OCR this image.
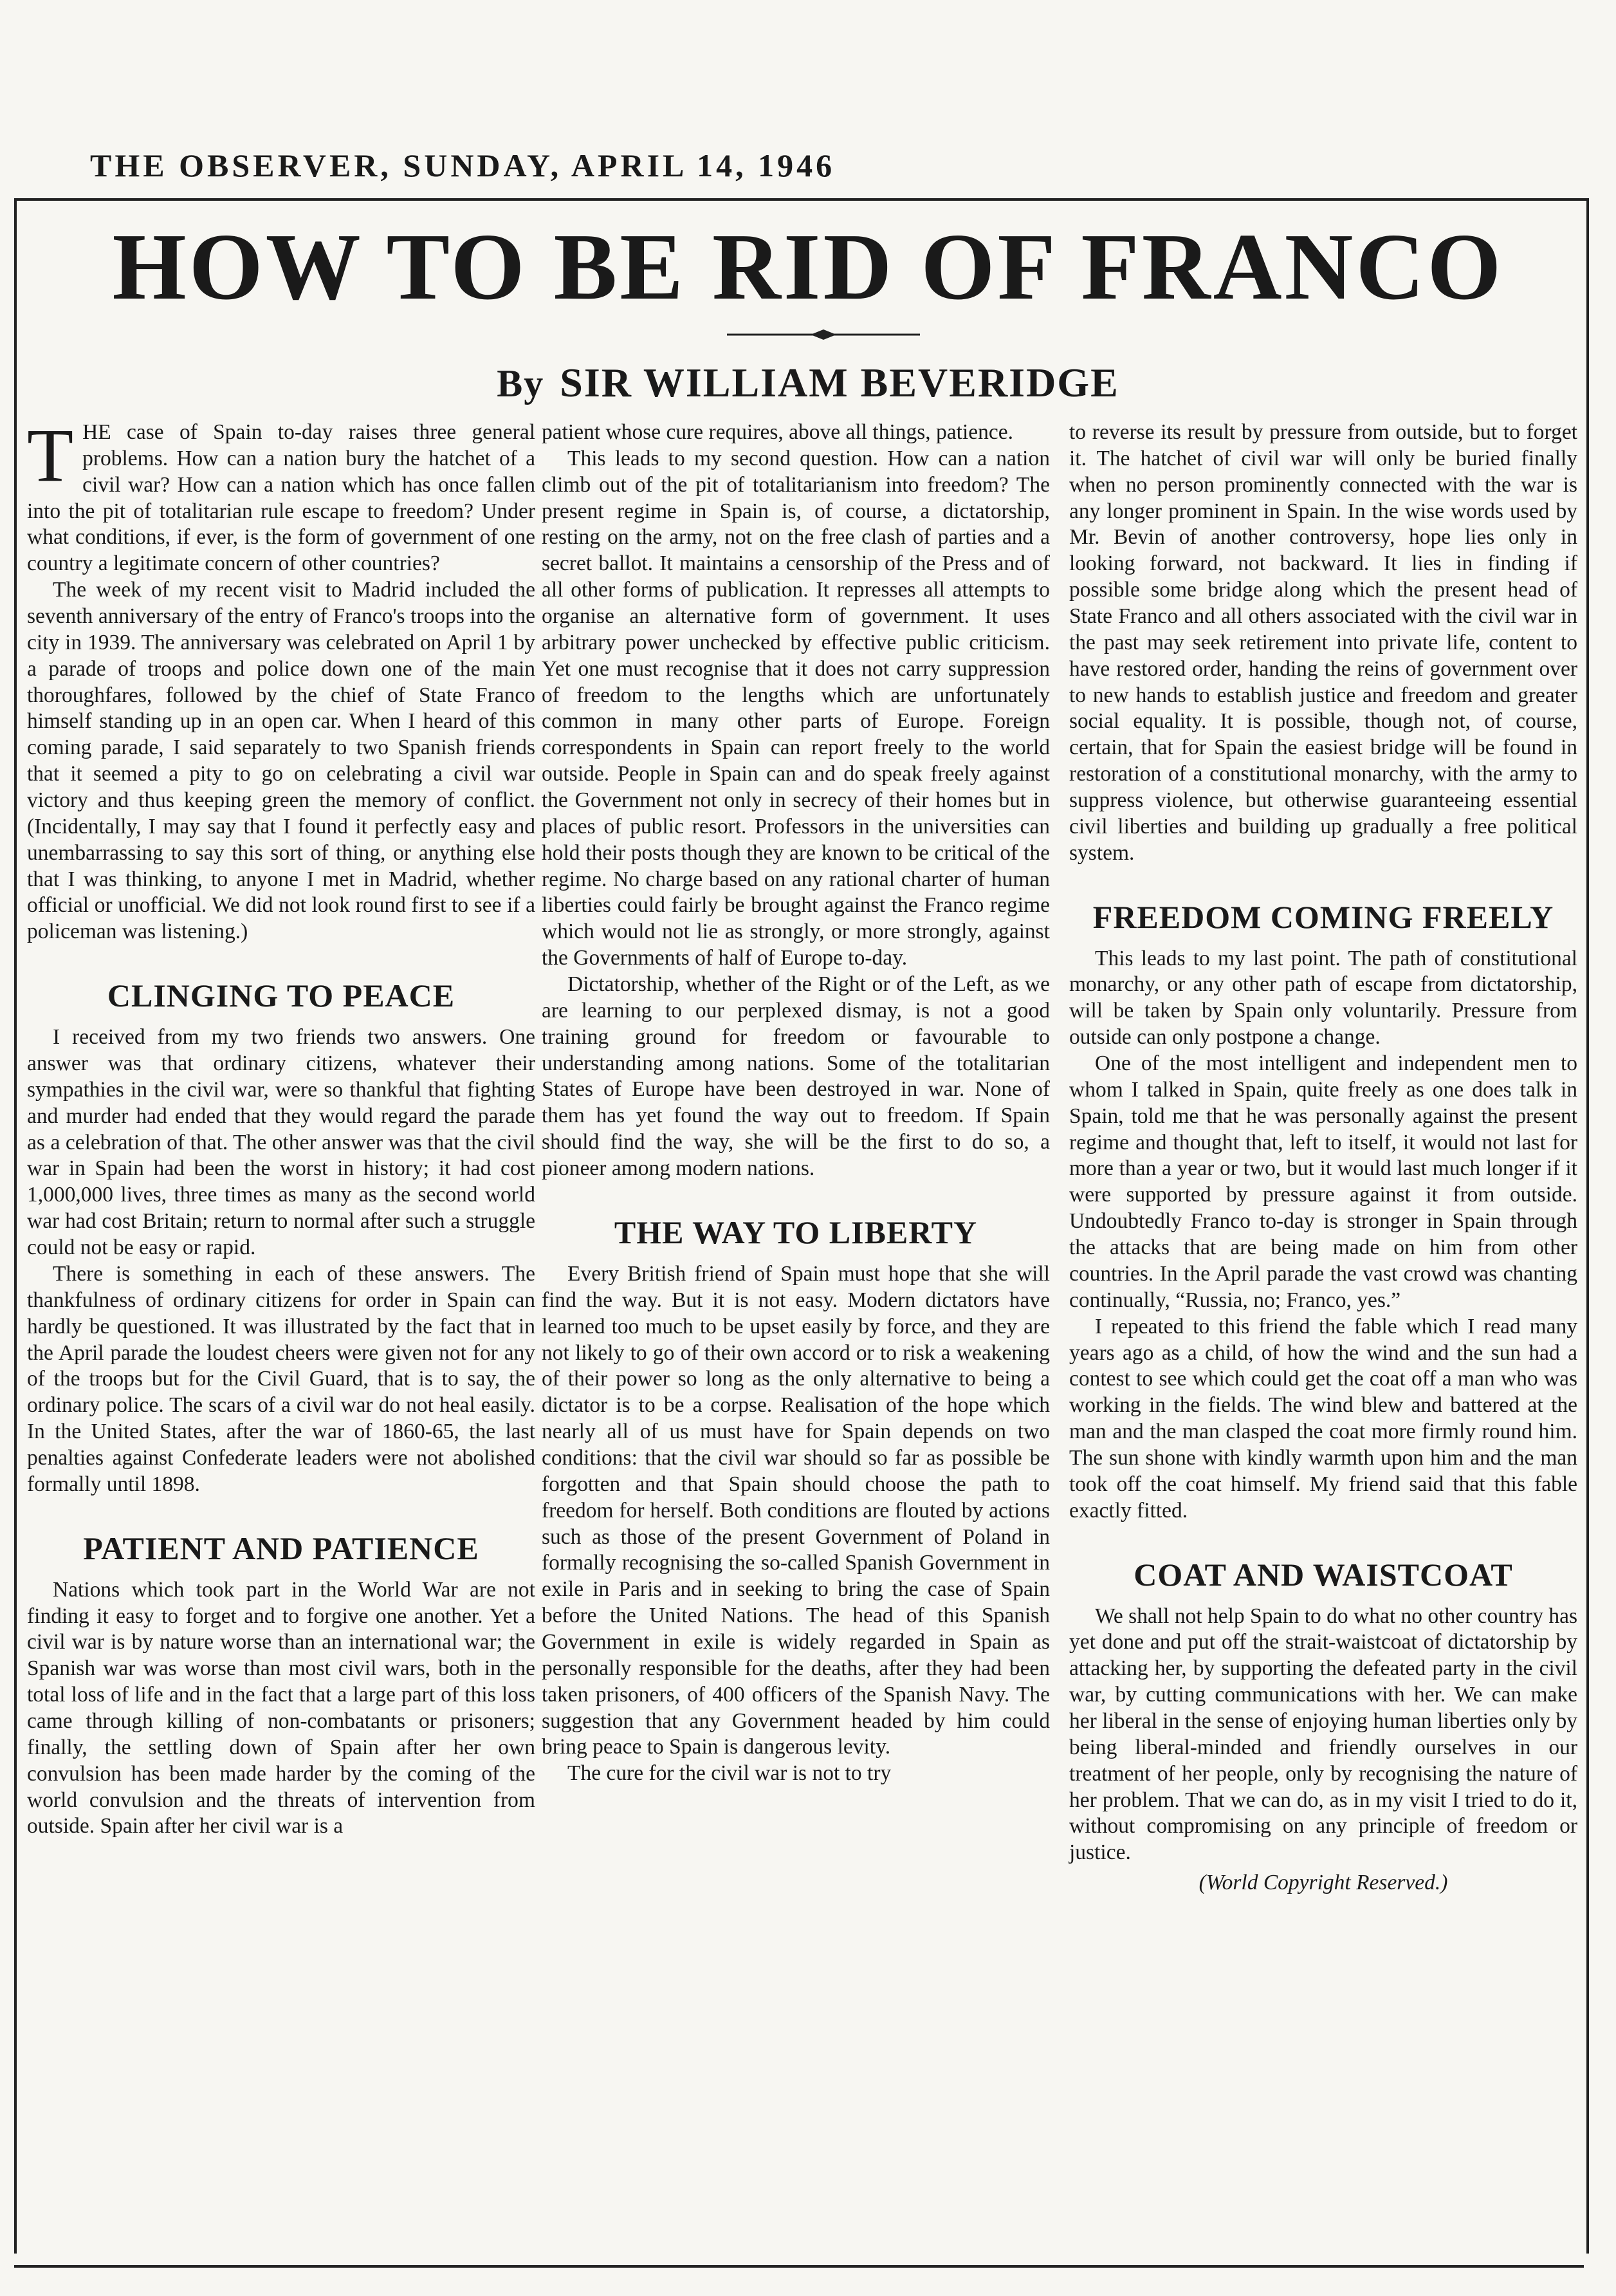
THE OBSERVER, SUNDAY, APRIL 14, 1946
HOW TO BE RID OF FRANCO
By SIR WILLIAM BEVERIDGE

THE case of Spain to-day raises three general problems. How can a nation bury the hatchet of a civil war? How can a nation which has once fallen into the pit of totalitarian rule escape to freedom? Under what conditions, if ever, is the form of government of one country a legitimate concern of other countries?

The week of my recent visit to Madrid included the seventh anniversary of the entry of Franco's troops into the city in 1939. The anniversary was celebrated on April 1 by a parade of troops and police down one of the main thoroughfares, followed by the chief of State Franco himself standing up in an open car. When I heard of this coming parade, I said separately to two Spanish friends that it seemed a pity to go on celebrating a civil war victory and thus keeping green the memory of conflict. (Incidentally, I may say that I found it perfectly easy and unembarrassing to say this sort of thing, or anything else that I was thinking, to anyone I met in Madrid, whether official or unofficial. We did not look round first to see if a policeman was listening.)

CLINGING TO PEACE

I received from my two friends two answers. One answer was that ordinary citizens, whatever their sympathies in the civil war, were so thankful that fighting and murder had ended that they would regard the parade as a celebration of that. The other answer was that the civil war in Spain had been the worst in history; it had cost 1,000,000 lives, three times as many as the second world war had cost Britain; return to normal after such a struggle could not be easy or rapid.

There is something in each of these answers. The thankfulness of ordinary citizens for order in Spain can hardly be questioned. It was illustrated by the fact that in the April parade the loudest cheers were given not for any of the troops but for the Civil Guard, that is to say, the ordinary police. The scars of a civil war do not heal easily. In the United States, after the war of 1860-65, the last penalties against Confederate leaders were not abolished formally until 1898.

PATIENT AND PATIENCE

Nations which took part in the World War are not finding it easy to forget and to forgive one another. Yet a civil war is by nature worse than an international war; the Spanish war was worse than most civil wars, both in the total loss of life and in the fact that a large part of this loss came through killing of non-combatants or prisoners; finally, the settling down of Spain after her own convulsion has been made harder by the coming of the world convulsion and the threats of intervention from outside. Spain after her civil war is a

patient whose cure requires, above all things, patience.

This leads to my second question. How can a nation climb out of the pit of totalitarianism into freedom? The present regime in Spain is, of course, a dictatorship, resting on the army, not on the free clash of parties and a secret ballot. It maintains a censorship of the Press and of all other forms of publication. It represses all attempts to organise an alternative form of government. It uses arbitrary power unchecked by effective public criticism. Yet one must recognise that it does not carry suppression of freedom to the lengths which are unfortunately common in many other parts of Europe. Foreign correspondents in Spain can report freely to the world outside. People in Spain can and do speak freely against the Government not only in secrecy of their homes but in places of public resort. Professors in the universities can hold their posts though they are known to be critical of the regime. No charge based on any rational charter of human liberties could fairly be brought against the Franco regime which would not lie as strongly, or more strongly, against the Governments of half of Europe to-day.

Dictatorship, whether of the Right or of the Left, as we are learning to our perplexed dismay, is not a good training ground for freedom or favourable to understanding among nations. Some of the totalitarian States of Europe have been destroyed in war. None of them has yet found the way out to freedom. If Spain should find the way, she will be the first to do so, a pioneer among modern nations.

THE WAY TO LIBERTY

Every British friend of Spain must hope that she will find the way. But it is not easy. Modern dictators have learned too much to be upset easily by force, and they are not likely to go of their own accord or to risk a weakening of their power so long as the only alternative to being a dictator is to be a corpse. Realisation of the hope which nearly all of us must have for Spain depends on two conditions: that the civil war should so far as possible be forgotten and that Spain should choose the path to freedom for herself. Both conditions are flouted by actions such as those of the present Government of Poland in formally recognising the so-called Spanish Government in exile in Paris and in seeking to bring the case of Spain before the United Nations. The head of this Spanish Government in exile is widely regarded in Spain as personally responsible for the deaths, after they had been taken prisoners, of 400 officers of the Spanish Navy. The suggestion that any Government headed by him could bring peace to Spain is dangerous levity.

The cure for the civil war is not to try

to reverse its result by pressure from outside, but to forget it. The hatchet of civil war will only be buried finally when no person prominently connected with the war is any longer prominent in Spain. In the wise words used by Mr. Bevin of another controversy, hope lies only in looking forward, not backward. It lies in finding if possible some bridge along which the present head of State Franco and all others associated with the civil war in the past may seek retirement into private life, content to have restored order, handing the reins of government over to new hands to establish justice and freedom and greater social equality. It is possible, though not, of course, certain, that for Spain the easiest bridge will be found in restoration of a constitutional monarchy, with the army to suppress violence, but otherwise guaranteeing essential civil liberties and building up gradually a free political system.

FREEDOM COMING FREELY

This leads to my last point. The path of constitutional monarchy, or any other path of escape from dictatorship, will be taken by Spain only voluntarily. Pressure from outside can only postpone a change.

One of the most intelligent and independent men to whom I talked in Spain, quite freely as one does talk in Spain, told me that he was personally against the present regime and thought that, left to itself, it would not last for more than a year or two, but it would last much longer if it were supported by pressure against it from outside. Undoubtedly Franco to-day is stronger in Spain through the attacks that are being made on him from other countries. In the April parade the vast crowd was chanting continually, “Russia, no; Franco, yes.”

I repeated to this friend the fable which I read many years ago as a child, of how the wind and the sun had a contest to see which could get the coat off a man who was working in the fields. The wind blew and battered at the man and the man clasped the coat more firmly round him. The sun shone with kindly warmth upon him and the man took off the coat himself. My friend said that this fable exactly fitted.

COAT AND WAISTCOAT

We shall not help Spain to do what no other country has yet done and put off the strait-waistcoat of dictatorship by attacking her, by supporting the defeated party in the civil war, by cutting communications with her. We can make her liberal in the sense of enjoying human liberties only by being liberal-minded and friendly ourselves in our treatment of her people, only by recognising the nature of her problem. That we can do, as in my visit I tried to do it, without compromising on any principle of freedom or justice.

(World Copyright Reserved.)
